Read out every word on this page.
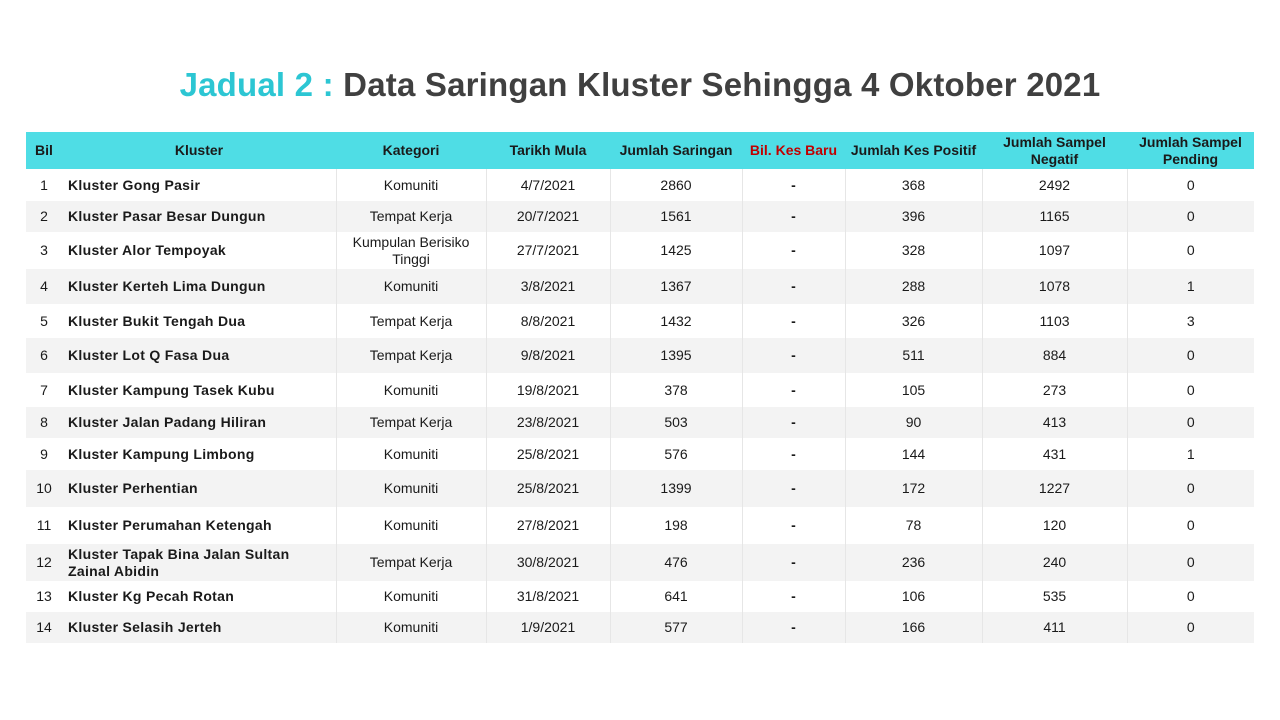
Jadual 2 : Data Saringan Kluster Sehingga 4 Oktober 2021
Bil	Kluster	Kategori	Tarikh Mula	Jumlah Saringan	Bil. Kes Baru	Jumlah Kes Positif	Jumlah Sampel Negatif	Jumlah Sampel Pending
1	Kluster Gong Pasir	Komuniti	4/7/2021	2860	-	368	2492	0
2	Kluster Pasar Besar Dungun	Tempat Kerja	20/7/2021	1561	-	396	1165	0
3	Kluster Alor Tempoyak	Kumpulan Berisiko Tinggi	27/7/2021	1425	-	328	1097	0
4	Kluster Kerteh Lima Dungun	Komuniti	3/8/2021	1367	-	288	1078	1
5	Kluster Bukit Tengah Dua	Tempat Kerja	8/8/2021	1432	-	326	1103	3
6	Kluster Lot Q Fasa Dua	Tempat Kerja	9/8/2021	1395	-	511	884	0
7	Kluster Kampung Tasek Kubu	Komuniti	19/8/2021	378	-	105	273	0
8	Kluster Jalan Padang Hiliran	Tempat Kerja	23/8/2021	503	-	90	413	0
9	Kluster Kampung Limbong	Komuniti	25/8/2021	576	-	144	431	1
10	Kluster Perhentian	Komuniti	25/8/2021	1399	-	172	1227	0
11	Kluster Perumahan Ketengah	Komuniti	27/8/2021	198	-	78	120	0
12	Kluster Tapak Bina Jalan Sultan Zainal Abidin	Tempat Kerja	30/8/2021	476	-	236	240	0
13	Kluster Kg Pecah Rotan	Komuniti	31/8/2021	641	-	106	535	0
14	Kluster Selasih Jerteh	Komuniti	1/9/2021	577	-	166	411	0
